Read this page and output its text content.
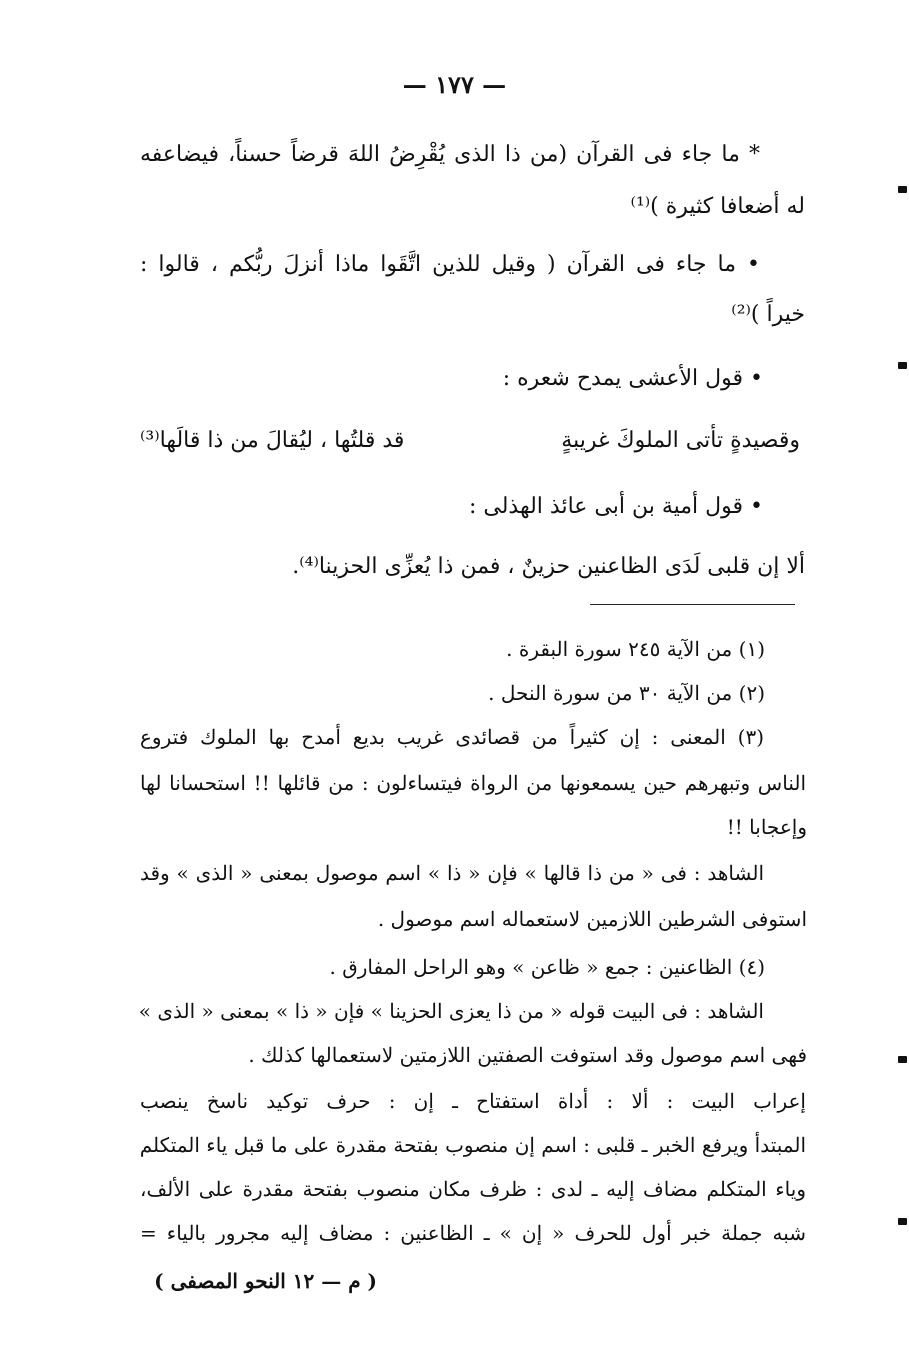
— ١٧٧ —
* ما جاء فى القرآن (من ذا الذى يُقْرِضُ اللهَ قرضاً حسناً، فيضاعفه
له أضعافا كثيرة )⁽¹⁾
• ما جاء فى القرآن ( وقيل للذين اتَّقَوا ماذا أنزلَ ربُّكم ، قالوا :
خيراً )⁽²⁾
• قول الأعشى يمدح شعره :
وقصيدةٍ تأتى الملوكَ غريبةٍ
قد قلتُها ، ليُقالَ من ذا قالَها⁽³⁾
• قول أمية بن أبى عائذ الهذلى :
ألا إن قلبى لَدَى الظاعنين حزينٌ ، فمن ذا يُعزِّى الحزينا⁽⁴⁾.
(١) من الآية ٢٤٥ سورة البقرة .
(٢) من الآية ٣٠ من سورة النحل .
(٣) المعنى : إن كثيراً من قصائدى غريب بديع أمدح بها الملوك فتروع
الناس وتبهرهم حين يسمعونها من الرواة فيتساءلون : من قائلها !! استحسانا لها
وإعجابا !!
الشاهد : فى « من ذا قالها » فإن « ذا » اسم موصول بمعنى « الذى » وقد
استوفى الشرطين اللازمين لاستعماله اسم موصول .
(٤) الظاعنين : جمع « ظاعن » وهو الراحل المفارق .
الشاهد : فى البيت قوله « من ذا يعزى الحزينا » فإن « ذا » بمعنى « الذى »
فهى اسم موصول وقد استوفت الصفتين اللازمتين لاستعمالها كذلك .
إعراب البيت : ألا : أداة استفتاح ـ إن : حرف توكيد ناسخ ينصب
المبتدأ ويرفع الخبر ـ قلبى : اسم إن منصوب بفتحة مقدرة على ما قبل ياء المتكلم
وياء المتكلم مضاف إليه ـ لدى : ظرف مكان منصوب بفتحة مقدرة على الألف،
شبه جملة خبر أول للحرف « إن » ـ الظاعنين : مضاف إليه مجرور بالياء =
( م — ١٢ النحو المصفى )
